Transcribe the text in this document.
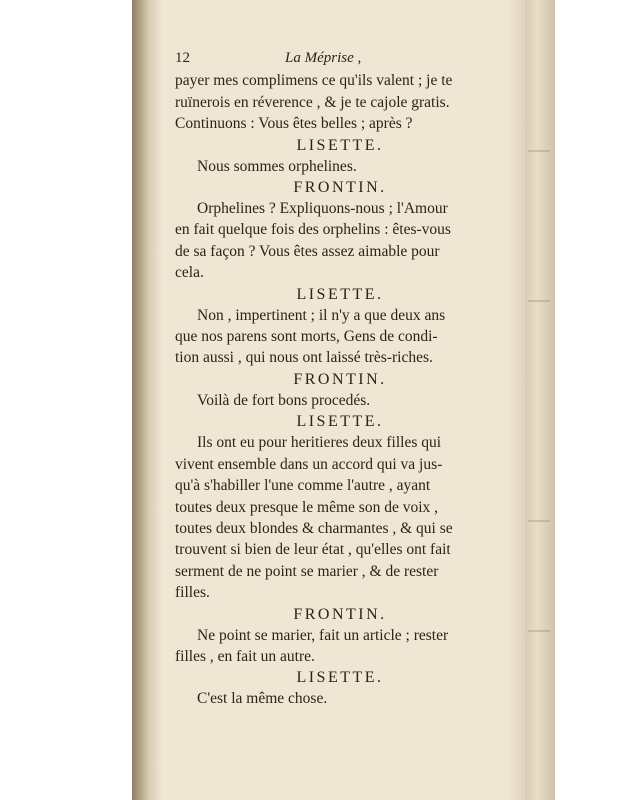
12	La Méprise ,
payer mes complimens ce qu'ils valent ; je te
ruïnerois en réverence , & je te cajole gratis.
Continuons : Vous êtes belles ; après ?
LISETTE.
Nous sommes orphelines.
FRONTIN.
Orphelines ? Expliquons-nous ; l'Amour
en fait quelque fois des orphelins : êtes-vous
de sa façon ? Vous êtes assez aimable pour
cela.
LISETTE.
Non , impertinent ; il n'y a que deux ans
que nos parens sont morts, Gens de condi-
tion aussi , qui nous ont laissé très-riches.
FRONTIN.
Voilà de fort bons procedés.
LISETTE.
Ils ont eu pour heritieres deux filles qui
vivent ensemble dans un accord qui va jus-
qu'à s'habiller l'une comme l'autre , ayant
toutes deux presque le même son de voix ,
toutes deux blondes & charmantes , & qui se
trouvent si bien de leur état , qu'elles ont fait
serment de ne point se marier , & de rester
filles.
FRONTIN.
Ne point se marier, fait un article ; rester
filles , en fait un autre.
LISETTE.
C'est la même chose.
